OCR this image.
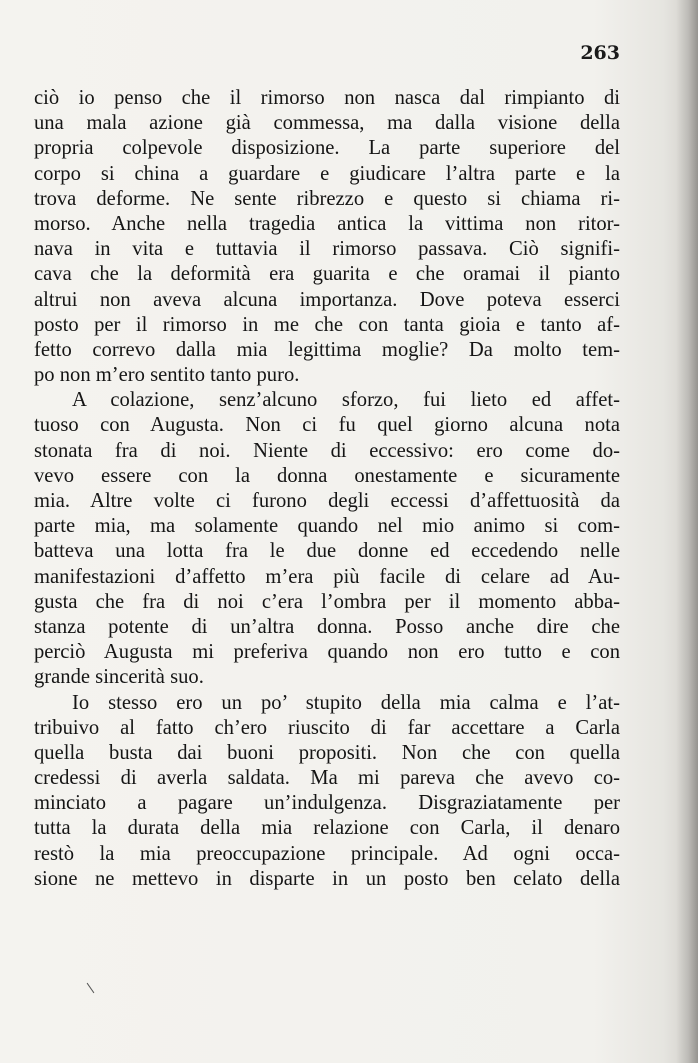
263
ciò io penso che il rimorso non nasca dal rimpianto di
una mala azione già commessa, ma dalla visione della
propria colpevole disposizione. La parte superiore del
corpo si china a guardare e giudicare l’altra parte e la
trova deforme. Ne sente ribrezzo e questo si chiama ri-
morso. Anche nella tragedia antica la vittima non ritor-
nava in vita e tuttavia il rimorso passava. Ciò signifi-
cava che la deformità era guarita e che oramai il pianto
altrui non aveva alcuna importanza. Dove poteva esserci
posto per il rimorso in me che con tanta gioia e tanto af-
fetto correvo dalla mia legittima moglie? Da molto tem-
po non m’ero sentito tanto puro.
A colazione, senz’alcuno sforzo, fui lieto ed affet-
tuoso con Augusta. Non ci fu quel giorno alcuna nota
stonata fra di noi. Niente di eccessivo: ero come do-
vevo essere con la donna onestamente e sicuramente
mia. Altre volte ci furono degli eccessi d’affettuosità da
parte mia, ma solamente quando nel mio animo si com-
batteva una lotta fra le due donne ed eccedendo nelle
manifestazioni d’affetto m’era più facile di celare ad Au-
gusta che fra di noi c’era l’ombra per il momento abba-
stanza potente di un’altra donna. Posso anche dire che
perciò Augusta mi preferiva quando non ero tutto e con
grande sincerità suo.
Io stesso ero un po’ stupito della mia calma e l’at-
tribuivo al fatto ch’ero riuscito di far accettare a Carla
quella busta dai buoni propositi. Non che con quella
credessi di averla saldata. Ma mi pareva che avevo co-
minciato a pagare un’indulgenza. Disgraziatamente per
tutta la durata della mia relazione con Carla, il denaro
restò la mia preoccupazione principale. Ad ogni occa-
sione ne mettevo in disparte in un posto ben celato della
